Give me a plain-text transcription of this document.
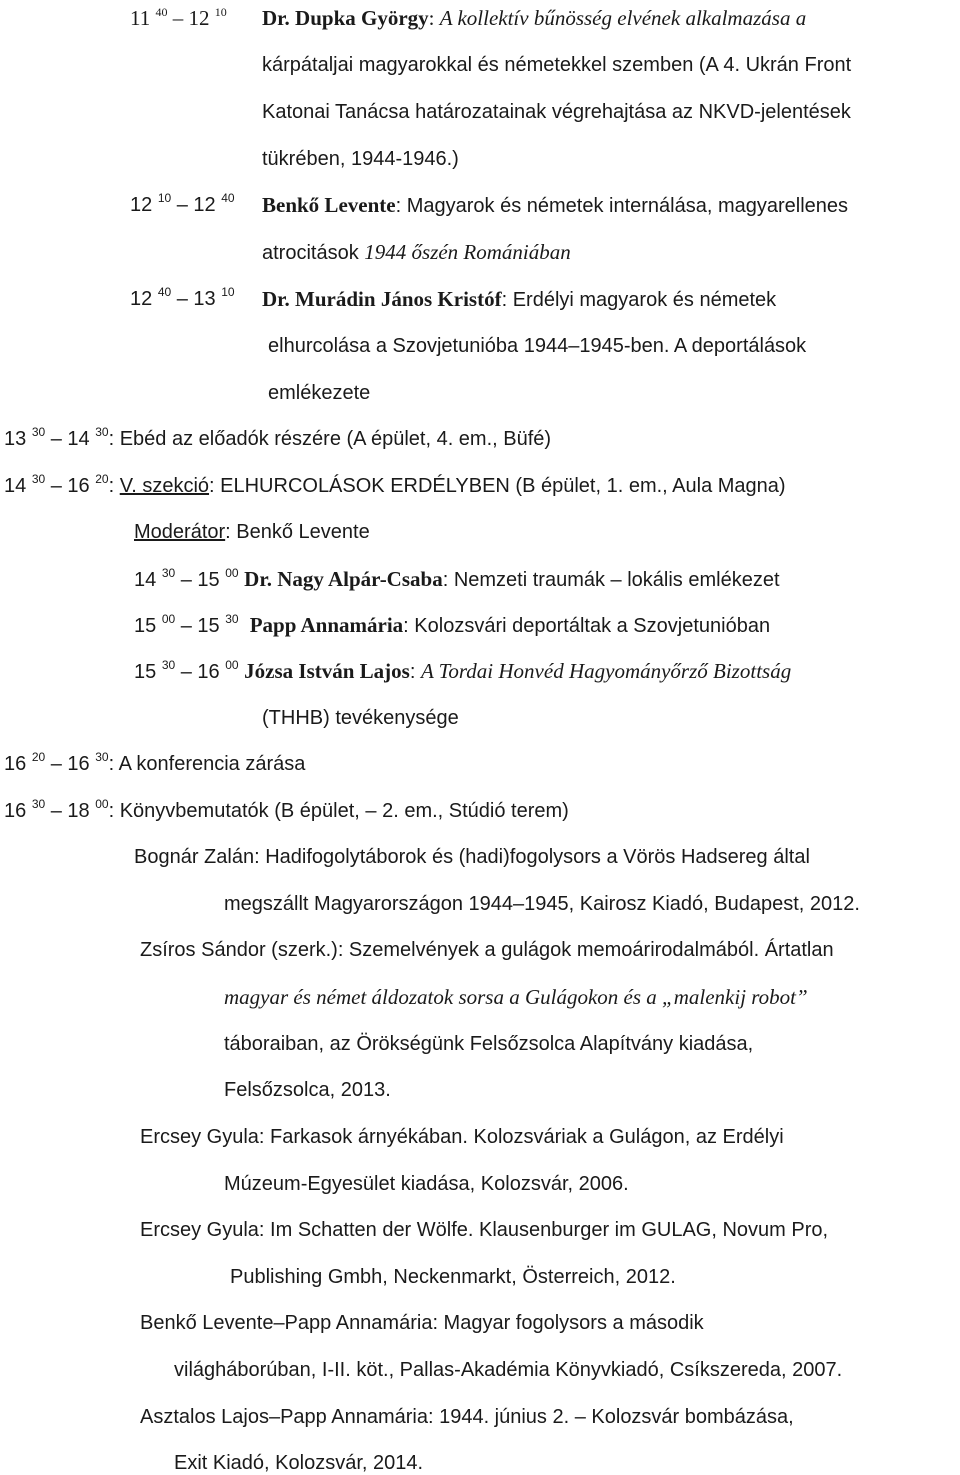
11 $^{40}$ – 12 $^{10}$ Dr. Dupka György: A kollektív bűnösség elvének alkalmazása a
kárpátaljai magyarokkal és németekkel szemben (A 4. Ukrán Front
Katonai Tanácsa határozatainak végrehajtása az NKVD-jelentések
tükrében, 1944-1946.)
12 $^{10}$ – 12 $^{40}$ Benkő Levente: Magyarok és németek internálása, magyarellenes
atrocitások 1944 őszén Romániában
12 $^{40}$ – 13 $^{10}$ Dr. Murádin János Kristóf: Erdélyi magyarok és németek
elhurcolása a Szovjetunióba 1944–1945-ben. A deportálások
emlékezete
13 $^{30}$ – 14 $^{30}$: Ebéd az előadók részére (A épület, 4. em., Büfé)
14 $^{30}$ – 16 $^{20}$: V. szekció: ELHURCOLÁSOK ERDÉLYBEN (B épület, 1. em., Aula Magna)
Moderátor: Benkő Levente
14 $^{30}$ – 15 $^{00}$ Dr. Nagy Alpár-Csaba: Nemzeti traumák – lokális emlékezet
15 $^{00}$ – 15 $^{30}$ Papp Annamária: Kolozsvári deportáltak a Szovjetunióban
15 $^{30}$ – 16 $^{00}$ Józsa István Lajos: A Tordai Honvéd Hagyományőrző Bizottság
(THHB) tevékenysége
16 $^{20}$ – 16 $^{30}$: A konferencia zárása
16 $^{30}$ – 18 $^{00}$: Könyvbemutatók (B épület, – 2. em., Stúdió terem)
Bognár Zalán: Hadifogolytáborok és (hadi)fogolysors a Vörös Hadsereg által
megszállt Magyarországon 1944–1945, Kairosz Kiadó, Budapest, 2012.
Zsíros Sándor (szerk.): Szemelvények a gulágok memoárirodalmából. Ártatlan
magyar és német áldozatok sorsa a Gulágokon és a „malenkij robot”
táboraiban, az Örökségünk Felsőzsolca Alapítvány kiadása,
Felsőzsolca, 2013.
Ercsey Gyula: Farkasok árnyékában. Kolozsváriak a Gulágon, az Erdélyi
Múzeum-Egyesület kiadása, Kolozsvár, 2006.
Ercsey Gyula: Im Schatten der Wölfe. Klausenburger im GULAG, Novum Pro,
Publishing Gmbh, Neckenmarkt, Österreich, 2012.
Benkő Levente–Papp Annamária: Magyar fogolysors a második
világháborúban, I-II. köt., Pallas-Akadémia Könyvkiadó, Csíkszereda, 2007.
Asztalos Lajos–Papp Annamária: 1944. június 2. – Kolozsvár bombázása,
Exit Kiadó, Kolozsvár, 2014.
